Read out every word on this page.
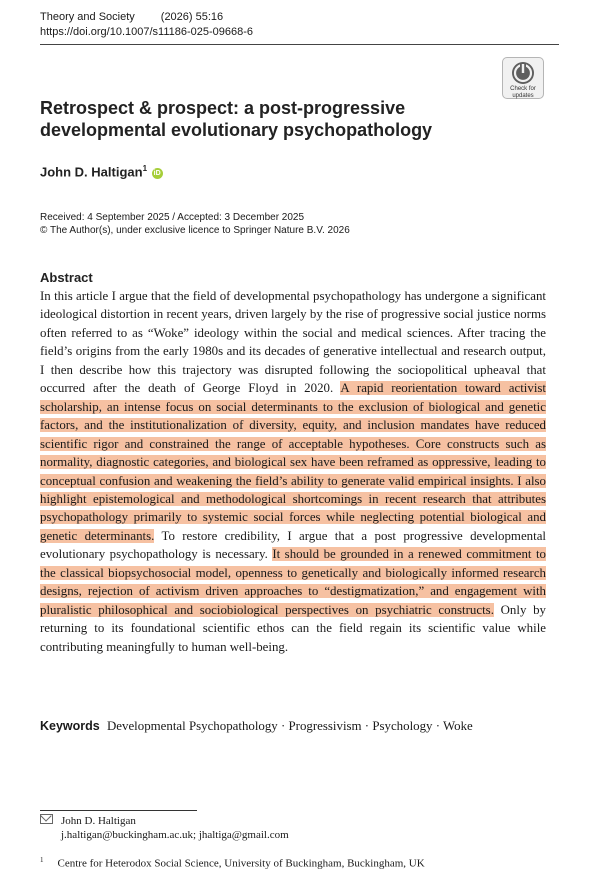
Theory and Society (2026) 55:16
https://doi.org/10.1007/s11186-025-09668-6
Check for
updates
Retrospect & prospect: a post-progressive developmental evolutionary psychopathology
John D. Haltigan$^1$ iD
Received: 4 September 2025 / Accepted: 3 December 2025
© The Author(s), under exclusive licence to Springer Nature B.V. 2026
Abstract

In this article I argue that the field of developmental psychopathology has undergone a significant ideological distortion in recent years, driven largely by the rise of progressive social justice norms often referred to as “Woke” ideology within the social and medical sciences. After tracing the field’s origins from the early 1980s and its decades of generative intellectual and research output, I then describe how this trajectory was disrupted following the sociopolitical upheaval that occurred after the death of George Floyd in 2020. A rapid reorientation toward activist scholarship, an intense focus on social determinants to the exclusion of biological and genetic factors, and the institutionalization of diversity, equity, and inclusion mandates have reduced scientific rigor and constrained the range of acceptable hypotheses. Core constructs such as normality, diagnostic categories, and biological sex have been reframed as oppressive, leading to conceptual confusion and weakening the field’s ability to generate valid empirical insights. I also highlight epistemological and methodological shortcomings in recent research that attributes psychopathology primarily to systemic social forces while neglecting potential biological and genetic determinants. To restore credibility, I argue that a post progressive developmental evolutionary psychopathology is necessary. It should be grounded in a renewed commitment to the classical biopsychosocial model, openness to genetically and biologically informed research designs, rejection of activism driven approaches to “destigmatization,” and engagement with pluralistic philosophical and sociobiological perspectives on psychiatric constructs. Only by returning to its foundational scientific ethos can the field regain its scientific value while contributing meaningfully to human well-being.

Keywords Developmental Psychopathology · Progressivism · Psychology · Woke
John D. Haltigan
j.haltigan@buckingham.ac.uk; jhaltiga@gmail.com
$^1$ Centre for Heterodox Social Science, University of Buckingham, Buckingham, UK
